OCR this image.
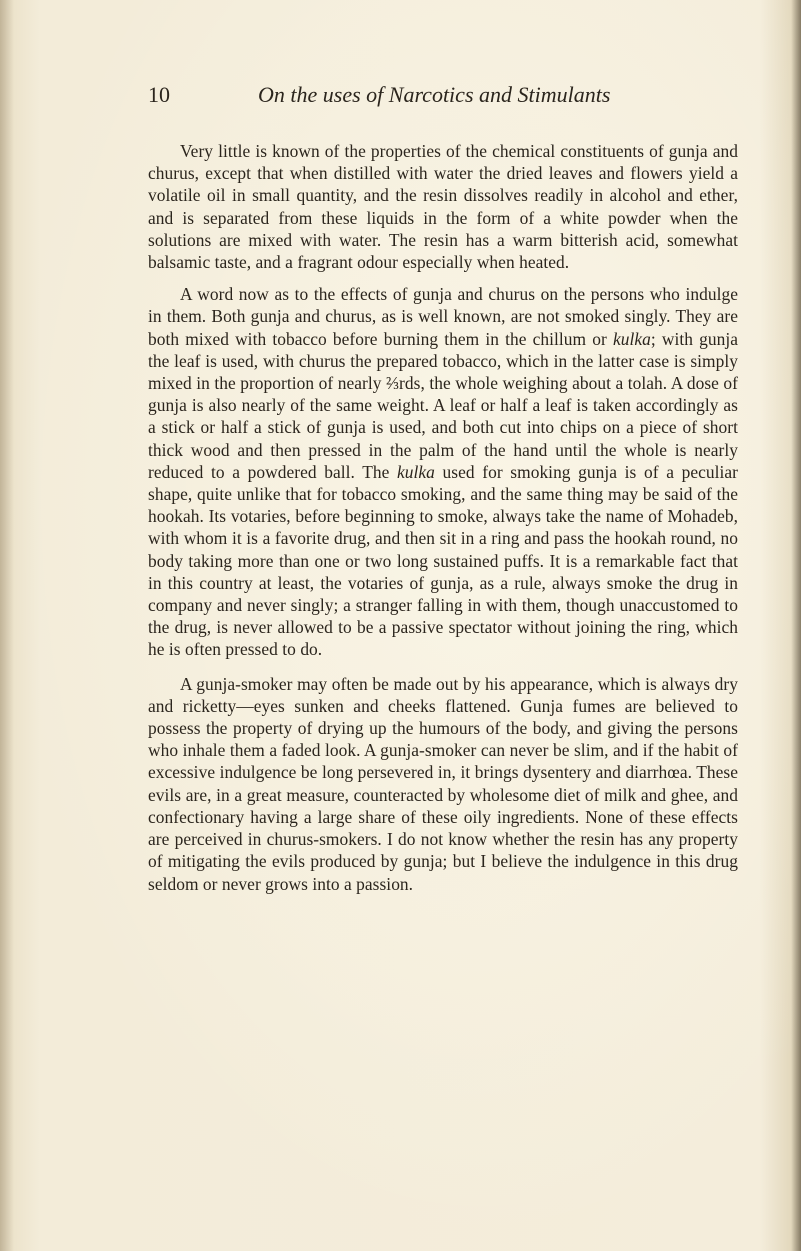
10	On the uses of Narcotics and Stimulants

Very little is known of the properties of the chemical constituents of gunja and churus, except that when distilled with water the dried leaves and flowers yield a volatile oil in small quantity, and the resin dissolves readily in alcohol and ether, and is separated from these liquids in the form of a white powder when the solutions are mixed with water. The resin has a warm bitterish acid, somewhat balsamic taste, and a fragrant odour especially when heated.

A word now as to the effects of gunja and churus on the persons who indulge in them. Both gunja and churus, as is well known, are not smoked singly. They are both mixed with tobacco before burning them in the chillum or kulka; with gunja the leaf is used, with churus the prepared tobacco, which in the latter case is simply mixed in the proportion of nearly ⅔rds, the whole weighing about a tolah. A dose of gunja is also nearly of the same weight. A leaf or half a leaf is taken accordingly as a stick or half a stick of gunja is used, and both cut into chips on a piece of short thick wood and then pressed in the palm of the hand until the whole is nearly reduced to a powdered ball. The kulka used for smoking gunja is of a peculiar shape, quite unlike that for tobacco smoking, and the same thing may be said of the hookah. Its votaries, before beginning to smoke, always take the name of Mohadeb, with whom it is a favorite drug, and then sit in a ring and pass the hookah round, no body taking more than one or two long sustained puffs. It is a remarkable fact that in this country at least, the votaries of gunja, as a rule, always smoke the drug in company and never singly; a stranger falling in with them, though unaccustomed to the drug, is never allowed to be a passive spectator without joining the ring, which he is often pressed to do.

A gunja-smoker may often be made out by his appearance, which is always dry and ricketty—eyes sunken and cheeks flattened. Gunja fumes are believed to possess the property of drying up the humours of the body, and giving the persons who inhale them a faded look. A gunja-smoker can never be slim, and if the habit of excessive indulgence be long persevered in, it brings dysentery and diarrhœa. These evils are, in a great measure, counteracted by wholesome diet of milk and ghee, and confectionary having a large share of these oily ingredients. None of these effects are perceived in churus-smokers. I do not know whether the resin has any property of mitigating the evils produced by gunja; but I believe the indulgence in this drug seldom or never grows into a passion.
